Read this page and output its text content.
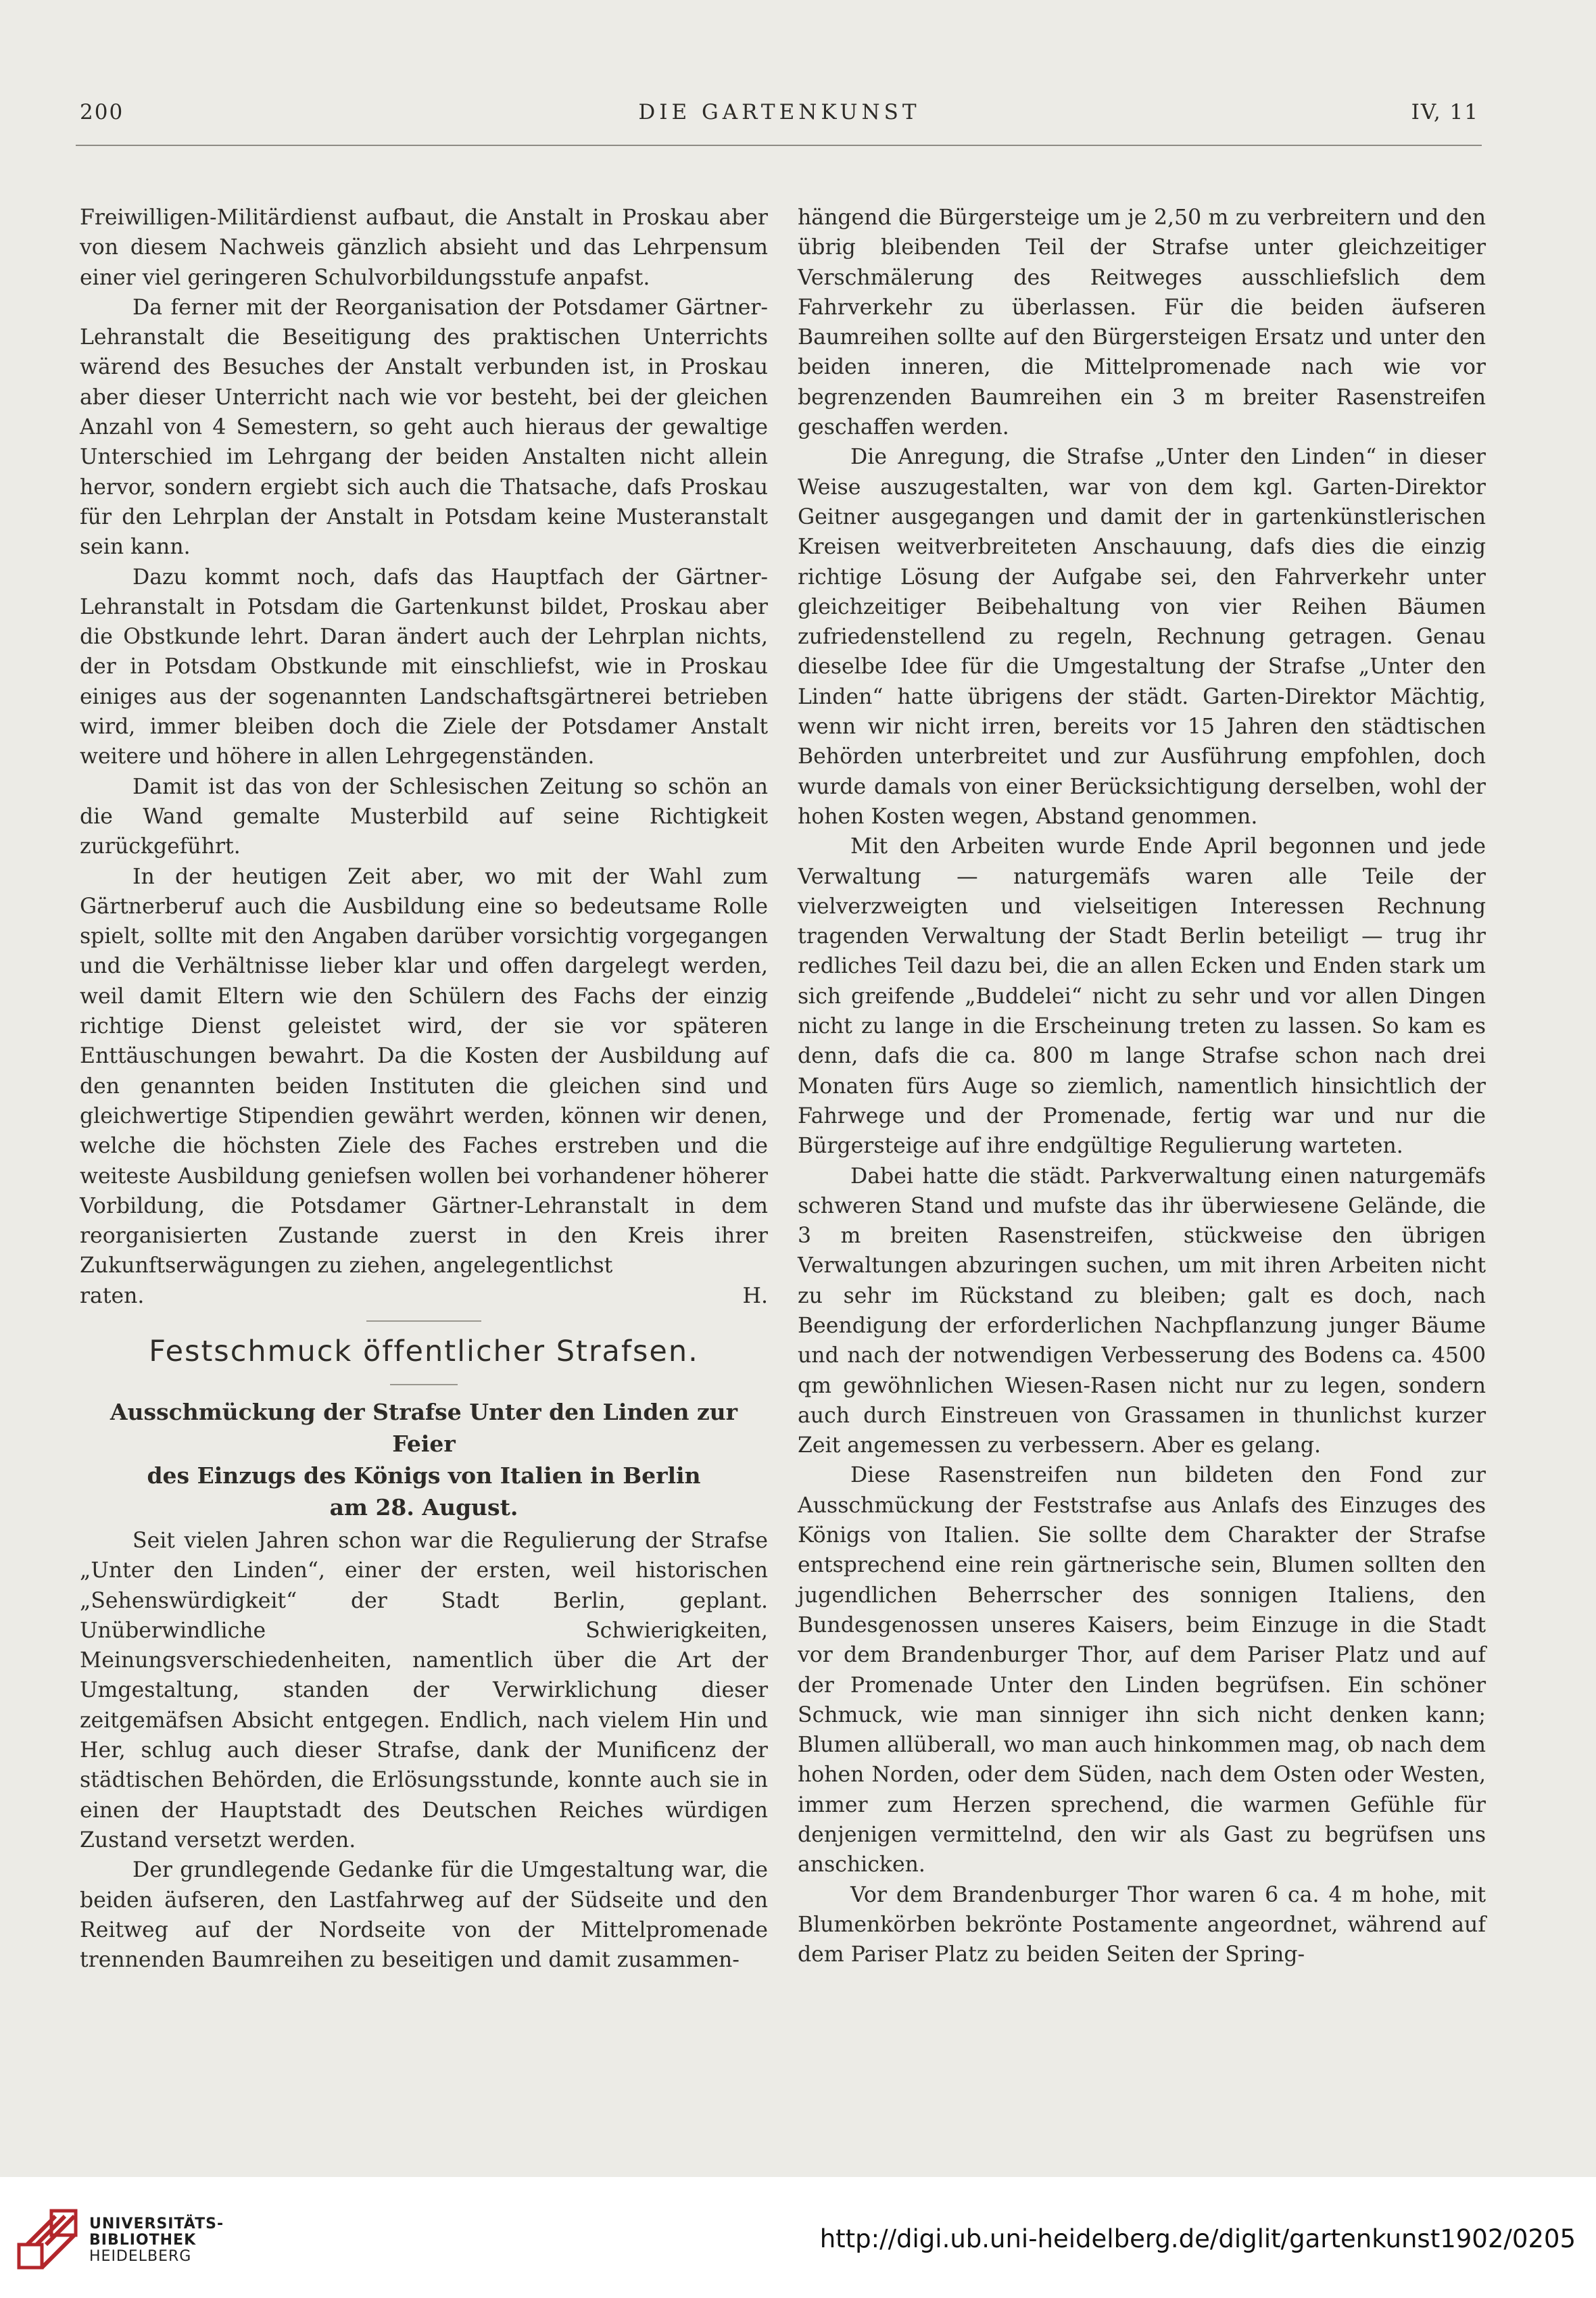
200	DIE GARTENKUNST	IV, 11

Freiwilligen-Militärdienst aufbaut, die Anstalt in Proskau aber von diesem Nachweis gänzlich absieht und das Lehrpensum einer viel geringeren Schulvorbildungsstufe anpafst.

Da ferner mit der Reorganisation der Potsdamer Gärtner-Lehranstalt die Beseitigung des praktischen Unterrichts wärend des Besuches der Anstalt verbunden ist, in Proskau aber dieser Unterricht nach wie vor besteht, bei der gleichen Anzahl von 4 Semestern, so geht auch hieraus der gewaltige Unterschied im Lehrgang der beiden Anstalten nicht allein hervor, sondern ergiebt sich auch die Thatsache, dafs Proskau für den Lehrplan der Anstalt in Potsdam keine Musteranstalt sein kann.

Dazu kommt noch, dafs das Hauptfach der Gärtner-Lehranstalt in Potsdam die Gartenkunst bildet, Proskau aber die Obstkunde lehrt. Daran ändert auch der Lehrplan nichts, der in Potsdam Obstkunde mit einschliefst, wie in Proskau einiges aus der sogenannten Landschaftsgärtnerei betrieben wird, immer bleiben doch die Ziele der Potsdamer Anstalt weitere und höhere in allen Lehrgegenständen.

Damit ist das von der Schlesischen Zeitung so schön an die Wand gemalte Musterbild auf seine Richtigkeit zurückgeführt.

In der heutigen Zeit aber, wo mit der Wahl zum Gärtnerberuf auch die Ausbildung eine so bedeutsame Rolle spielt, sollte mit den Angaben darüber vorsichtig vorgegangen und die Verhältnisse lieber klar und offen dargelegt werden, weil damit Eltern wie den Schülern des Fachs der einzig richtige Dienst geleistet wird, der sie vor späteren Enttäuschungen bewahrt. Da die Kosten der Ausbildung auf den genannten beiden Instituten die gleichen sind und gleichwertige Stipendien gewährt werden, können wir denen, welche die höchsten Ziele des Faches erstreben und die weiteste Ausbildung geniefsen wollen bei vorhandener höherer Vorbildung, die Potsdamer Gärtner-Lehranstalt in dem reorganisierten Zustande zuerst in den Kreis ihrer Zukunftserwägungen zu ziehen, angelegentlichst

raten.	H.
Festschmuck öffentlicher Strafsen.
Ausschmückung der Strafse Unter den Linden zur Feier
des Einzugs des Königs von Italien in Berlin
am 28. August.

Seit vielen Jahren schon war die Regulierung der Strafse „Unter den Linden“, einer der ersten, weil historischen „Sehenswürdigkeit“ der Stadt Berlin, geplant. Unüberwindliche Schwierigkeiten, Meinungsverschiedenheiten, namentlich über die Art der Umgestaltung, standen der Verwirklichung dieser zeitgemäfsen Absicht entgegen. Endlich, nach vielem Hin und Her, schlug auch dieser Strafse, dank der Munificenz der städtischen Behörden, die Erlösungsstunde, konnte auch sie in einen der Hauptstadt des Deutschen Reiches würdigen Zustand versetzt werden.

Der grundlegende Gedanke für die Umgestaltung war, die beiden äufseren, den Lastfahrweg auf der Südseite und den Reitweg auf der Nordseite von der Mittelpromenade trennenden Baumreihen zu beseitigen und damit zusammen-

hängend die Bürgersteige um je 2,50 m zu verbreitern und den übrig bleibenden Teil der Strafse unter gleichzeitiger Verschmälerung des Reitweges ausschliefslich dem Fahrverkehr zu überlassen. Für die beiden äufseren Baumreihen sollte auf den Bürgersteigen Ersatz und unter den beiden inneren, die Mittelpromenade nach wie vor begrenzenden Baumreihen ein 3 m breiter Rasenstreifen geschaffen werden.

Die Anregung, die Strafse „Unter den Linden“ in dieser Weise auszugestalten, war von dem kgl. Garten-Direktor Geitner ausgegangen und damit der in gartenkünstlerischen Kreisen weitverbreiteten Anschauung, dafs dies die einzig richtige Lösung der Aufgabe sei, den Fahrverkehr unter gleichzeitiger Beibehaltung von vier Reihen Bäumen zufriedenstellend zu regeln, Rechnung getragen. Genau dieselbe Idee für die Umgestaltung der Strafse „Unter den Linden“ hatte übrigens der städt. Garten-Direktor Mächtig, wenn wir nicht irren, bereits vor 15 Jahren den städtischen Behörden unterbreitet und zur Ausführung empfohlen, doch wurde damals von einer Berücksichtigung derselben, wohl der hohen Kosten wegen, Abstand genommen.

Mit den Arbeiten wurde Ende April begonnen und jede Verwaltung — naturgemäfs waren alle Teile der vielverzweigten und vielseitigen Interessen Rechnung tragenden Verwaltung der Stadt Berlin beteiligt — trug ihr redliches Teil dazu bei, die an allen Ecken und Enden stark um sich greifende „Buddelei“ nicht zu sehr und vor allen Dingen nicht zu lange in die Erscheinung treten zu lassen. So kam es denn, dafs die ca. 800 m lange Strafse schon nach drei Monaten fürs Auge so ziemlich, namentlich hinsichtlich der Fahrwege und der Promenade, fertig war und nur die Bürgersteige auf ihre endgültige Regulierung warteten.

Dabei hatte die städt. Parkverwaltung einen naturgemäfs schweren Stand und mufste das ihr überwiesene Gelände, die 3 m breiten Rasenstreifen, stückweise den übrigen Verwaltungen abzuringen suchen, um mit ihren Arbeiten nicht zu sehr im Rückstand zu bleiben; galt es doch, nach Beendigung der erforderlichen Nachpflanzung junger Bäume und nach der notwendigen Verbesserung des Bodens ca. 4500 qm gewöhnlichen Wiesen-Rasen nicht nur zu legen, sondern auch durch Einstreuen von Grassamen in thunlichst kurzer Zeit angemessen zu verbessern. Aber es gelang.

Diese Rasenstreifen nun bildeten den Fond zur Ausschmückung der Feststrafse aus Anlafs des Einzuges des Königs von Italien. Sie sollte dem Charakter der Strafse entsprechend eine rein gärtnerische sein, Blumen sollten den jugendlichen Beherrscher des sonnigen Italiens, den Bundesgenossen unseres Kaisers, beim Einzuge in die Stadt vor dem Brandenburger Thor, auf dem Pariser Platz und auf der Promenade Unter den Linden begrüfsen. Ein schöner Schmuck, wie man sinniger ihn sich nicht denken kann; Blumen allüberall, wo man auch hinkommen mag, ob nach dem hohen Norden, oder dem Süden, nach dem Osten oder Westen, immer zum Herzen sprechend, die warmen Gefühle für denjenigen vermittelnd, den wir als Gast zu begrüfsen uns anschicken.

Vor dem Brandenburger Thor waren 6 ca. 4 m hohe, mit Blumenkörben bekrönte Postamente angeordnet, während auf dem Pariser Platz zu beiden Seiten der Spring-

UNIVERSITÄTS-
BIBLIOTHEK
HEIDELBERG
http://digi.ub.uni-heidelberg.de/diglit/gartenkunst1902/0205
